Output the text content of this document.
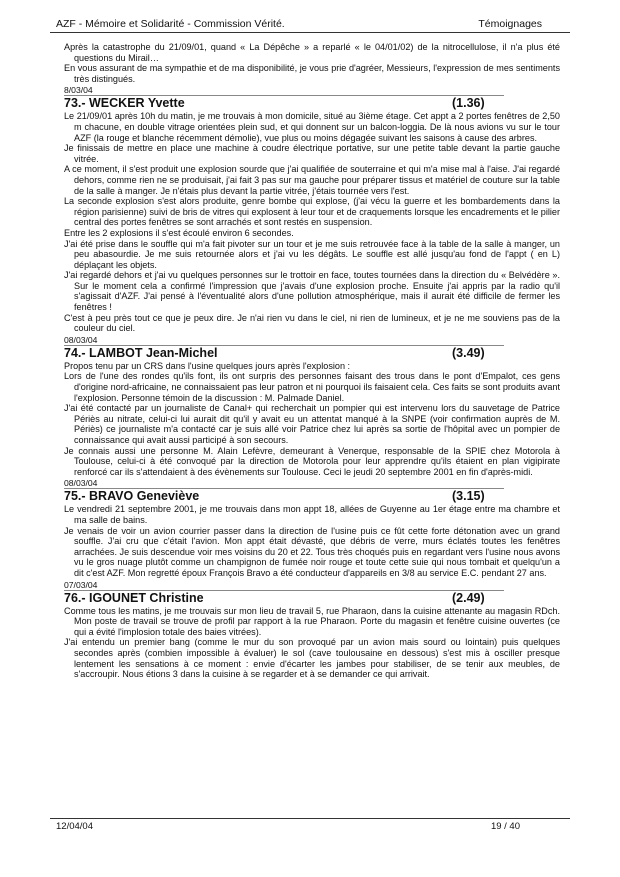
AZF - Mémoire et Solidarité - Commission Vérité.	Témoignages

Après la catastrophe du 21/09/01, quand « La Dépêche » a reparlé « le 04/01/02) de la nitrocellulose, il n'a plus été questions du Mirail…

En vous assurant de ma sympathie et de ma disponibilité, je vous prie d'agréer, Messieurs, l'expression de mes sentiments très distingués.

8/03/04
73.- WECKER Yvette	(1.36)

Le 21/09/01 après 10h du matin, je me trouvais à mon domicile, situé au 3ième étage. Cet appt a 2 portes fenêtres de 2,50 m chacune, en double vitrage orientées plein sud, et qui donnent sur un balcon-loggia. De là nous avions vu sur le tour AZF (la rouge et blanche récemment démolie), vue plus ou moins dégagée suivant les saisons à cause des arbres.

Je finissais de mettre en place une machine à coudre électrique portative, sur une petite table devant la partie gauche vitrée.

A ce moment, il s'est produit une explosion sourde que j'ai qualifiée de souterraine et qui m'a mise mal à l'aise. J'ai regardé dehors, comme rien ne se produisait, j'ai fait 3 pas sur ma gauche pour préparer tissus et matériel de couture sur la table de la salle à manger. Je n'étais plus devant la partie vitrée, j'étais tournée vers l'est.

La seconde explosion s'est alors produite, genre bombe qui explose, (j'ai vécu la guerre et les bombardements dans la région parisienne) suivi de bris de vitres qui explosent à leur tour et de craquements lorsque les encadrements et le pilier central des portes fenêtres se sont arrachés et sont restés en suspension.

Entre les 2 explosions il s'est écoulé environ 6 secondes.

J'ai été prise dans le souffle qui m'a fait pivoter sur un tour et je me suis retrouvée face à la table de la salle à manger, un peu abasourdie. Je me suis retournée alors et j'ai vu les dégâts. Le souffle est allé jusqu'au fond de l'appt ( en L) déplaçant les objets.

J'ai regardé dehors et j'ai vu quelques personnes sur le trottoir en face, toutes tournées dans la direction du « Belvédère ». Sur le moment cela a confirmé l'impression que j'avais d'une explosion proche. Ensuite j'ai appris par la radio qu'il s'agissait d'AZF. J'ai pensé à l'éventualité alors d'une pollution atmosphérique, mais il aurait été difficile de fermer les fenêtres !

C'est à peu près tout ce que je peux dire. Je n'ai rien vu dans le ciel, ni rien de lumineux, et je ne me souviens pas de la couleur du ciel.

08/03/04
74.- LAMBOT Jean-Michel	(3.49)

Propos tenu par un CRS dans l'usine quelques jours après l'explosion :

Lors de l'une des rondes qu'ils font, ils ont surpris des personnes faisant des trous dans le pont d'Empalot, ces gens d'origine nord-africaine, ne connaissaient pas leur patron et ni pourquoi ils faisaient cela. Ces faits se sont produits avant l'explosion. Personne témoin de la discussion : M. Palmade Daniel.

J'ai été contacté par un journaliste de Canal+ qui recherchait un pompier qui est intervenu lors du sauvetage de Patrice Périès au nitrate, celui-ci lui aurait dit qu'il y avait eu un attentat manqué à la SNPE (voir confirmation auprès de M. Périès) ce journaliste m'a contacté car je suis allé voir Patrice chez lui après sa sortie de l'hôpital avec un pompier de connaissance qui avait aussi participé à son secours.

Je connais aussi une personne M. Alain Lefèvre, demeurant à Venerque, responsable de la SPIE chez Motorola à Toulouse, celui-ci à été convoqué par la direction de Motorola pour leur apprendre qu'ils étaient en plan vigipirate renforcé car ils s'attendaient à des évènements sur Toulouse. Ceci le jeudi 20 septembre 2001 en fin d'après-midi.

08/03/04
75.- BRAVO Geneviève	(3.15)

Le vendredi 21 septembre 2001, je me trouvais dans mon appt 18, allées de Guyenne au 1er étage entre ma chambre et ma salle de bains.

Je venais de voir un avion courrier passer dans la direction de l'usine puis ce fût cette forte détonation avec un grand souffle. J'ai cru que c'était l'avion. Mon appt était dévasté, que débris de verre, murs éclatés toutes les fenêtres arrachées. Je suis descendue voir mes voisins du 20 et 22. Tous très choqués puis en regardant vers l'usine nous avons vu le gros nuage plutôt comme un champignon de fumée noir rouge et toute cette suie qui nous tombait et quelqu'un a dit c'est AZF. Mon regretté époux François Bravo a été conducteur d'appareils en 3/8 au service E.C. pendant 27 ans.

07/03/04
76.- IGOUNET Christine	(2.49)

Comme tous les matins, je me trouvais sur mon lieu de travail 5, rue Pharaon, dans la cuisine attenante au magasin RDch. Mon poste de travail se trouve de profil par rapport à la rue Pharaon. Porte du magasin et fenêtre cuisine ouvertes (ce qui a évité l'implosion totale des baies vitrées).

J'ai entendu un premier bang (comme le mur du son provoqué par un avion mais sourd ou lointain) puis quelques secondes après (combien impossible à évaluer) le sol (cave toulousaine en dessous) s'est mis à osciller presque lentement les sensations à ce moment : envie d'écarter les jambes pour stabiliser, de se tenir aux meubles, de s'accroupir. Nous étions 3 dans la cuisine à se regarder et à se demander ce qui arrivait.

12/04/04	19 / 40
